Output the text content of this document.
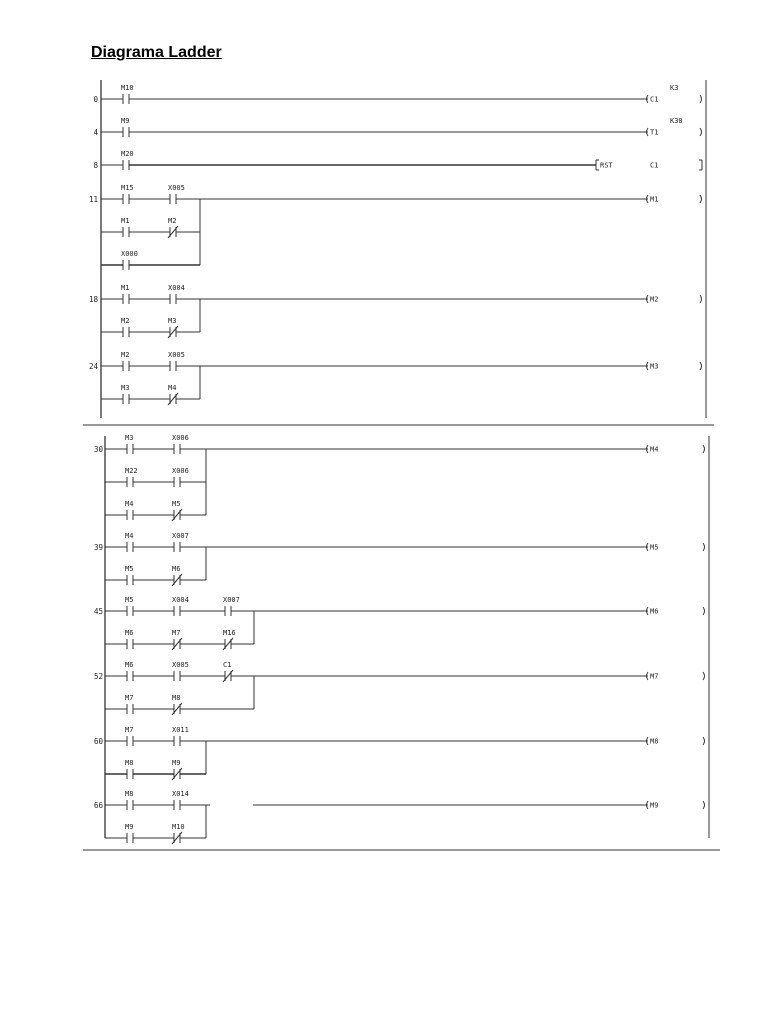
Diagrama Ladder
0
M10
C1
K3
4
M9
T1
K30
8
M20
RST	C1
11
M15	X005
M1
M1	M2
X000
18
M1	X004
M2
M2	M3
24
M2	X005
M3
M3	M4
30
M3	X006
M4
M22	X006
M4	M5
39
M4	X007
M5
M5	M6
45
M5	X004	X007
M6
M6	M7	M16
52
M6	X005	C1
M7
M7	M8
60
M7	X011
M8
M8	M9
66
M8	X014
M9
M9	M10
